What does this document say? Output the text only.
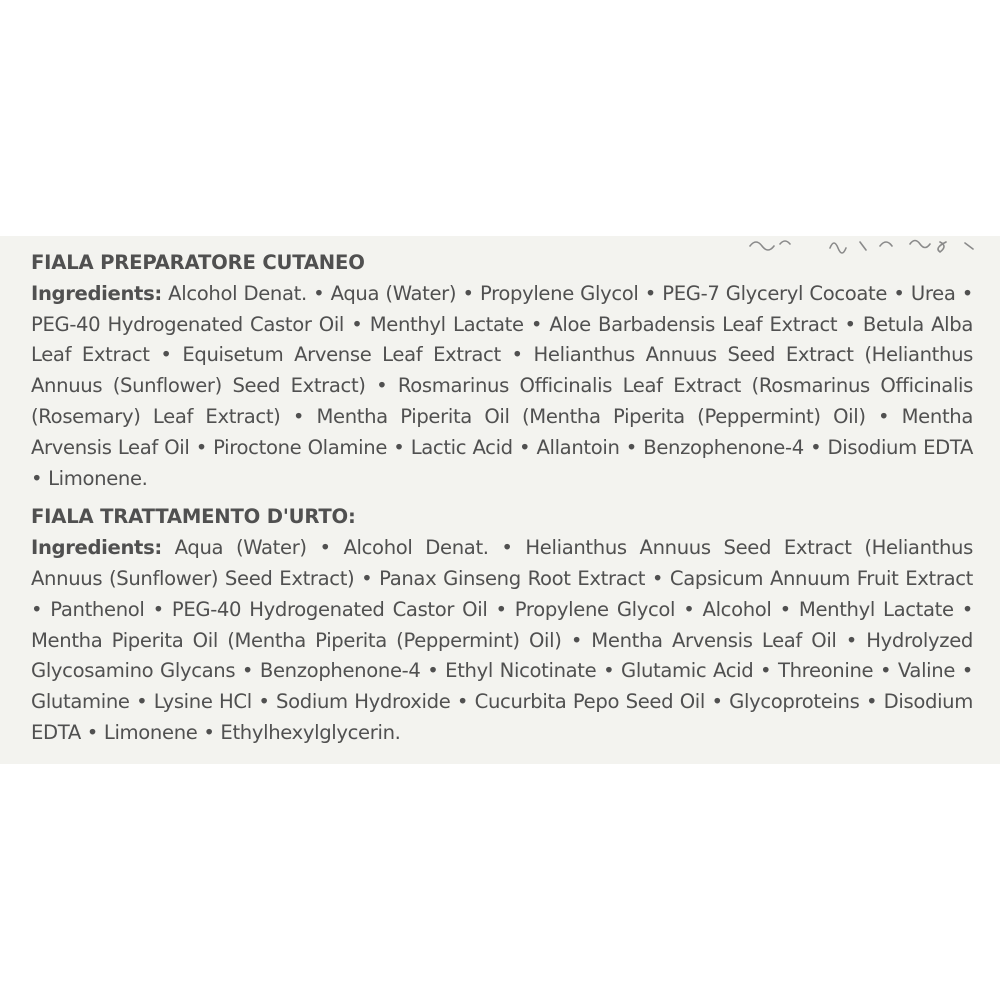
FIALA PREPARATORE CUTANEO

Ingredients: Alcohol Denat. • Aqua (Water) • Propylene Glycol • PEG-7 Glyceryl Cocoate • Urea • PEG-40 Hydrogenated Castor Oil • Menthyl Lactate • Aloe Barbadensis Leaf Extract • Betula Alba Leaf Extract • Equisetum Arvense Leaf Extract • Helianthus Annuus Seed Extract (Helianthus Annuus (Sunflower) Seed Extract) • Rosmarinus Officinalis Leaf Extract (Rosmarinus Officinalis (Rosemary) Leaf Extract) • Mentha Piperita Oil (Mentha Piperita (Peppermint) Oil) • Mentha Arvensis Leaf Oil • Piroctone Olamine • Lactic Acid • Allantoin • Benzophenone-4 • Disodium EDTA • Limonene.

FIALA TRATTAMENTO D'URTO:

Ingredients: Aqua (Water) • Alcohol Denat. • Helianthus Annuus Seed Extract (Helianthus Annuus (Sunflower) Seed Extract) • Panax Ginseng Root Extract • Capsicum Annuum Fruit Extract • Panthenol • PEG-40 Hydrogenated Castor Oil • Propylene Glycol • Alcohol • Menthyl Lactate • Mentha Piperita Oil (Mentha Piperita (Peppermint) Oil) • Mentha Arvensis Leaf Oil • Hydrolyzed Glycosamino Glycans • Benzophenone-4 • Ethyl Nicotinate • Glutamic Acid • Threonine • Valine • Glutamine • Lysine HCl • Sodium Hydroxide • Cucurbita Pepo Seed Oil • Glycoproteins • Disodium EDTA • Limonene • Ethylhexylglycerin.
